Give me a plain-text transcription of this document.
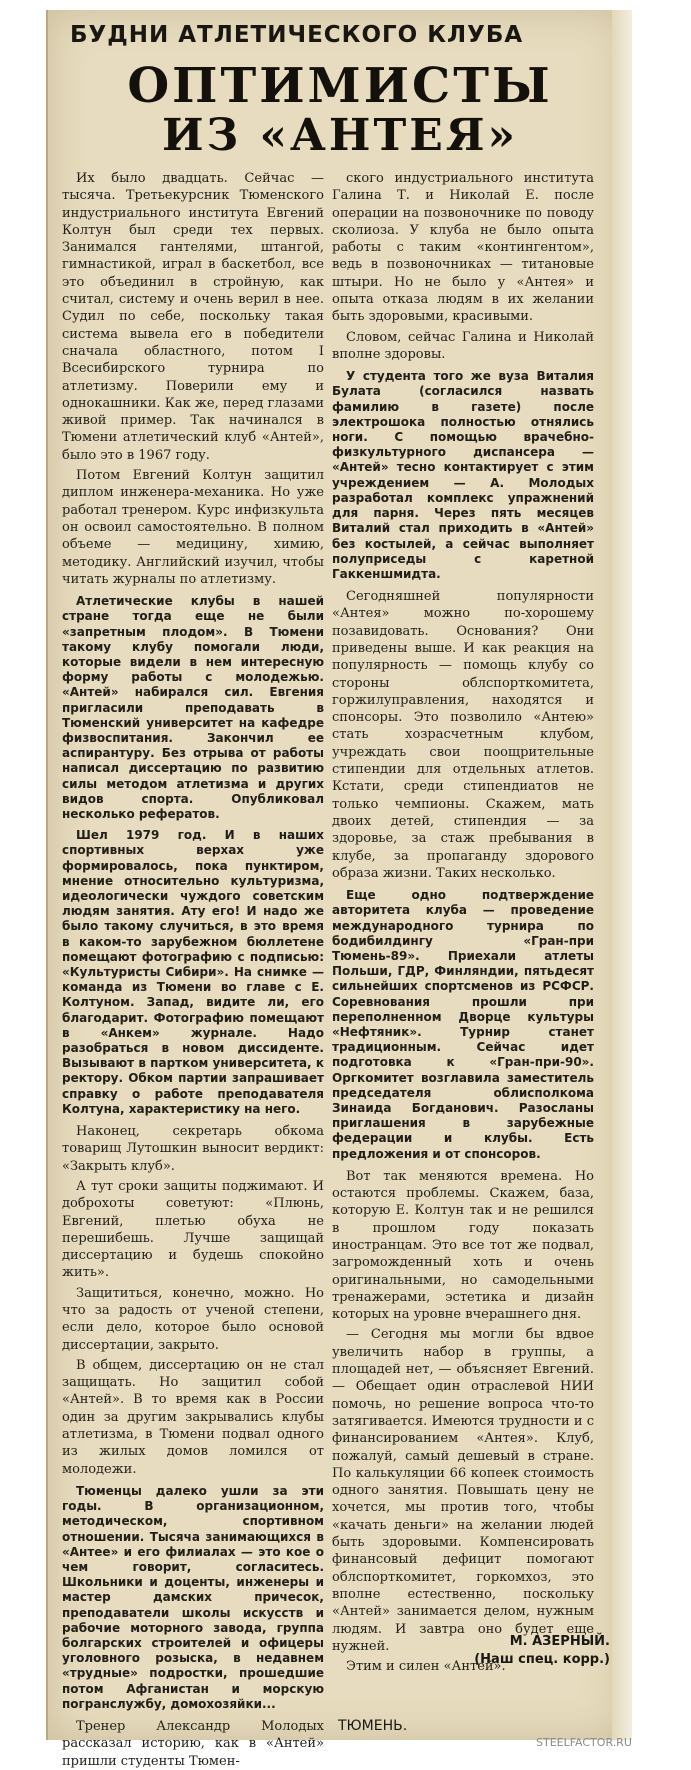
БУДНИ АТЛЕТИЧЕСКОГО КЛУБА
ОПТИМИСТЫ
ИЗ «АНТЕЯ»

Их было двадцать. Сейчас — тысяча. Третьекурсник Тюменского индустриального института Евгений Колтун был среди тех первых. Занимался гантелями, штангой, гимнастикой, играл в баскетбол, все это объединил в стройную, как считал, систему и очень верил в нее. Судил по себе, поскольку такая система вывела его в победители сначала областного, потом I Всесибирского турнира по атлетизму. Поверили ему и однокашники. Как же, перед глазами живой пример. Так начинался в Тюмени атлетический клуб «Антей», было это в 1967 году.

Потом Евгений Колтун защитил диплом инженера-механика. Но уже работал тренером. Курс инфизкульта он освоил самостоятельно. В полном объеме — медицину, химию, методику. Английский изучил, чтобы читать журналы по атлетизму.

Атлетические клубы в нашей стране тогда еще не были «запретным плодом». В Тюмени такому клубу помогали люди, которые видели в нем интересную форму работы с молодежью. «Антей» набирался сил. Евгения пригласили преподавать в Тюменский университет на кафедре физвоспитания. Закончил ее аспирантуру. Без отрыва от работы написал диссертацию по развитию силы методом атлетизма и других видов спорта. Опубликовал несколько рефератов.

Шел 1979 год. И в наших спортивных верхах уже формировалось, пока пунктиром, мнение относительно культуризма, идеологически чуждого советским людям занятия. Ату его! И надо же было такому случиться, в это время в каком-то зарубежном бюллетене помещают фотографию с подписью: «Культуристы Сибири». На снимке — команда из Тюмени во главе с Е. Колтуном. Запад, видите ли, его благодарит. Фотографию помещают в «Анкем» журнале. Надо разобраться в новом диссиденте. Вызывают в партком университета, к ректору. Обком партии запрашивает справку о работе преподавателя Колтуна, характеристику на него.

Наконец, секретарь обкома товарищ Лутошкин выносит вердикт: «Закрыть клуб».

А тут сроки защиты поджимают. И доброхоты советуют: «Плюнь, Евгений, плетью обуха не перешибешь. Лучше защищай диссертацию и будешь спокойно жить».

Защититься, конечно, можно. Но что за радость от ученой степени, если дело, которое было основой диссертации, закрыто.

В общем, диссертацию он не стал защищать. Но защитил собой «Антей». В то время как в России один за другим закрывались клубы атлетизма, в Тюмени подвал одного из жилых домов ломился от молодежи.

Тюменцы далеко ушли за эти годы. В организационном, методическом, спортивном отношении. Тысяча занимающихся в «Антее» и его филиалах — это кое о чем говорит, согласитесь. Школьники и доценты, инженеры и мастер дамских причесок, преподаватели школы искусств и рабочие моторного завода, группа болгарских строителей и офицеры уголовного розыска, в недавнем «трудные» подростки, прошедшие потом Афганистан и морскую погранслужбу, домохозяйки...

Тренер Александр Молодых рассказал историю, как в «Антей» пришли студенты Тюмен-

ского индустриального института Галина Т. и Николай Е. после операции на позвоночнике по поводу сколиоза. У клуба не было опыта работы с таким «контингентом», ведь в позвоночниках — титановые штыри. Но не было у «Антея» и опыта отказа людям в их желании быть здоровыми, красивыми.

Словом, сейчас Галина и Николай вполне здоровы.

У студента того же вуза Виталия Булата (согласился назвать фамилию в газете) после электрошока полностью отнялись ноги. С помощью врачебно-физкультурного диспансера — «Антей» тесно контактирует с этим учреждением — А. Молодых разработал комплекс упражнений для парня. Через пять месяцев Виталий стал приходить в «Антей» без костылей, а сейчас выполняет полуприседы с каретной Гаккеншмидта.

Сегодняшней популярности «Антея» можно по-хорошему позавидовать. Основания? Они приведены выше. И как реакция на популярность — помощь клубу со стороны облспорткомитета, горжилуправления, находятся и спонсоры. Это позволило «Антею» стать хозрасчетным клубом, учреждать свои поощрительные стипендии для отдельных атлетов. Кстати, среди стипендиатов не только чемпионы. Скажем, мать двоих детей, стипендия — за здоровье, за стаж пребывания в клубе, за пропаганду здорового образа жизни. Таких несколько.

Еще одно подтверждение авторитета клуба — проведение международного турнира по бодибилдингу «Гран-при Тюмень-89». Приехали атлеты Польши, ГДР, Финляндии, пятьдесят сильнейших спортсменов из РСФСР. Соревнования прошли при переполненном Дворце культуры «Нефтяник». Турнир станет традиционным. Сейчас идет подготовка к «Гран-при-90». Оргкомитет возглавила заместитель председателя облисполкома Зинаида Богданович. Разосланы приглашения в зарубежные федерации и клубы. Есть предложения и от спонсоров.

Вот так меняются времена. Но остаются проблемы. Скажем, база, которую Е. Колтун так и не решился в прошлом году показать иностранцам. Это все тот же подвал, загроможденный хоть и очень оригинальными, но самодельными тренажерами, эстетика и дизайн которых на уровне вчерашнего дня.

— Сегодня мы могли бы вдвое увеличить набор в группы, а площадей нет, — объясняет Евгений. — Обещает один отраслевой НИИ помочь, но решение вопроса что-то затягивается. Имеются трудности и с финансированием «Антея». Клуб, пожалуй, самый дешевый в стране. По калькуляции 66 копеек стоимость одного занятия. Повышать цену не хочется, мы против того, чтобы «качать деньги» на желании людей быть здоровыми. Компенсировать финансовый дефицит помогают облспорткомитет, горкомхоз, это вполне естественно, поскольку «Антей» занимается делом, нужным людям. И завтра оно будет еще нужней.

Этим и силен «Антей».

М. АЗЕРНЫЙ.
(Наш спец. корр.)
ТЮМЕНЬ.
STEELFACTOR.RU
